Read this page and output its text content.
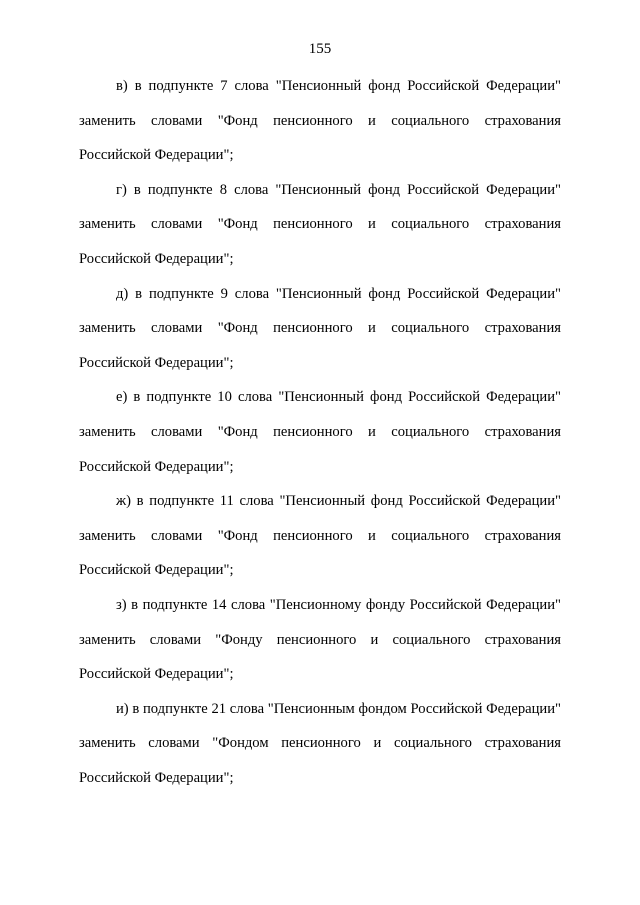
155

в) в подпункте 7 слова "Пенсионный фонд Российской Федерации" заменить словами "Фонд пенсионного и социального страхования Российской Федерации";

г) в подпункте 8 слова "Пенсионный фонд Российской Федерации" заменить словами "Фонд пенсионного и социального страхования Российской Федерации";

д) в подпункте 9 слова "Пенсионный фонд Российской Федерации" заменить словами "Фонд пенсионного и социального страхования Российской Федерации";

е) в подпункте 10 слова "Пенсионный фонд Российской Федерации" заменить словами "Фонд пенсионного и социального страхования Российской Федерации";

ж) в подпункте 11 слова "Пенсионный фонд Российской Федерации" заменить словами "Фонд пенсионного и социального страхования Российской Федерации";

з) в подпункте 14 слова "Пенсионному фонду Российской Федерации" заменить словами "Фонду пенсионного и социального страхования Российской Федерации";

и) в подпункте 21 слова "Пенсионным фондом Российской Федерации" заменить словами "Фондом пенсионного и социального страхования Российской Федерации";
